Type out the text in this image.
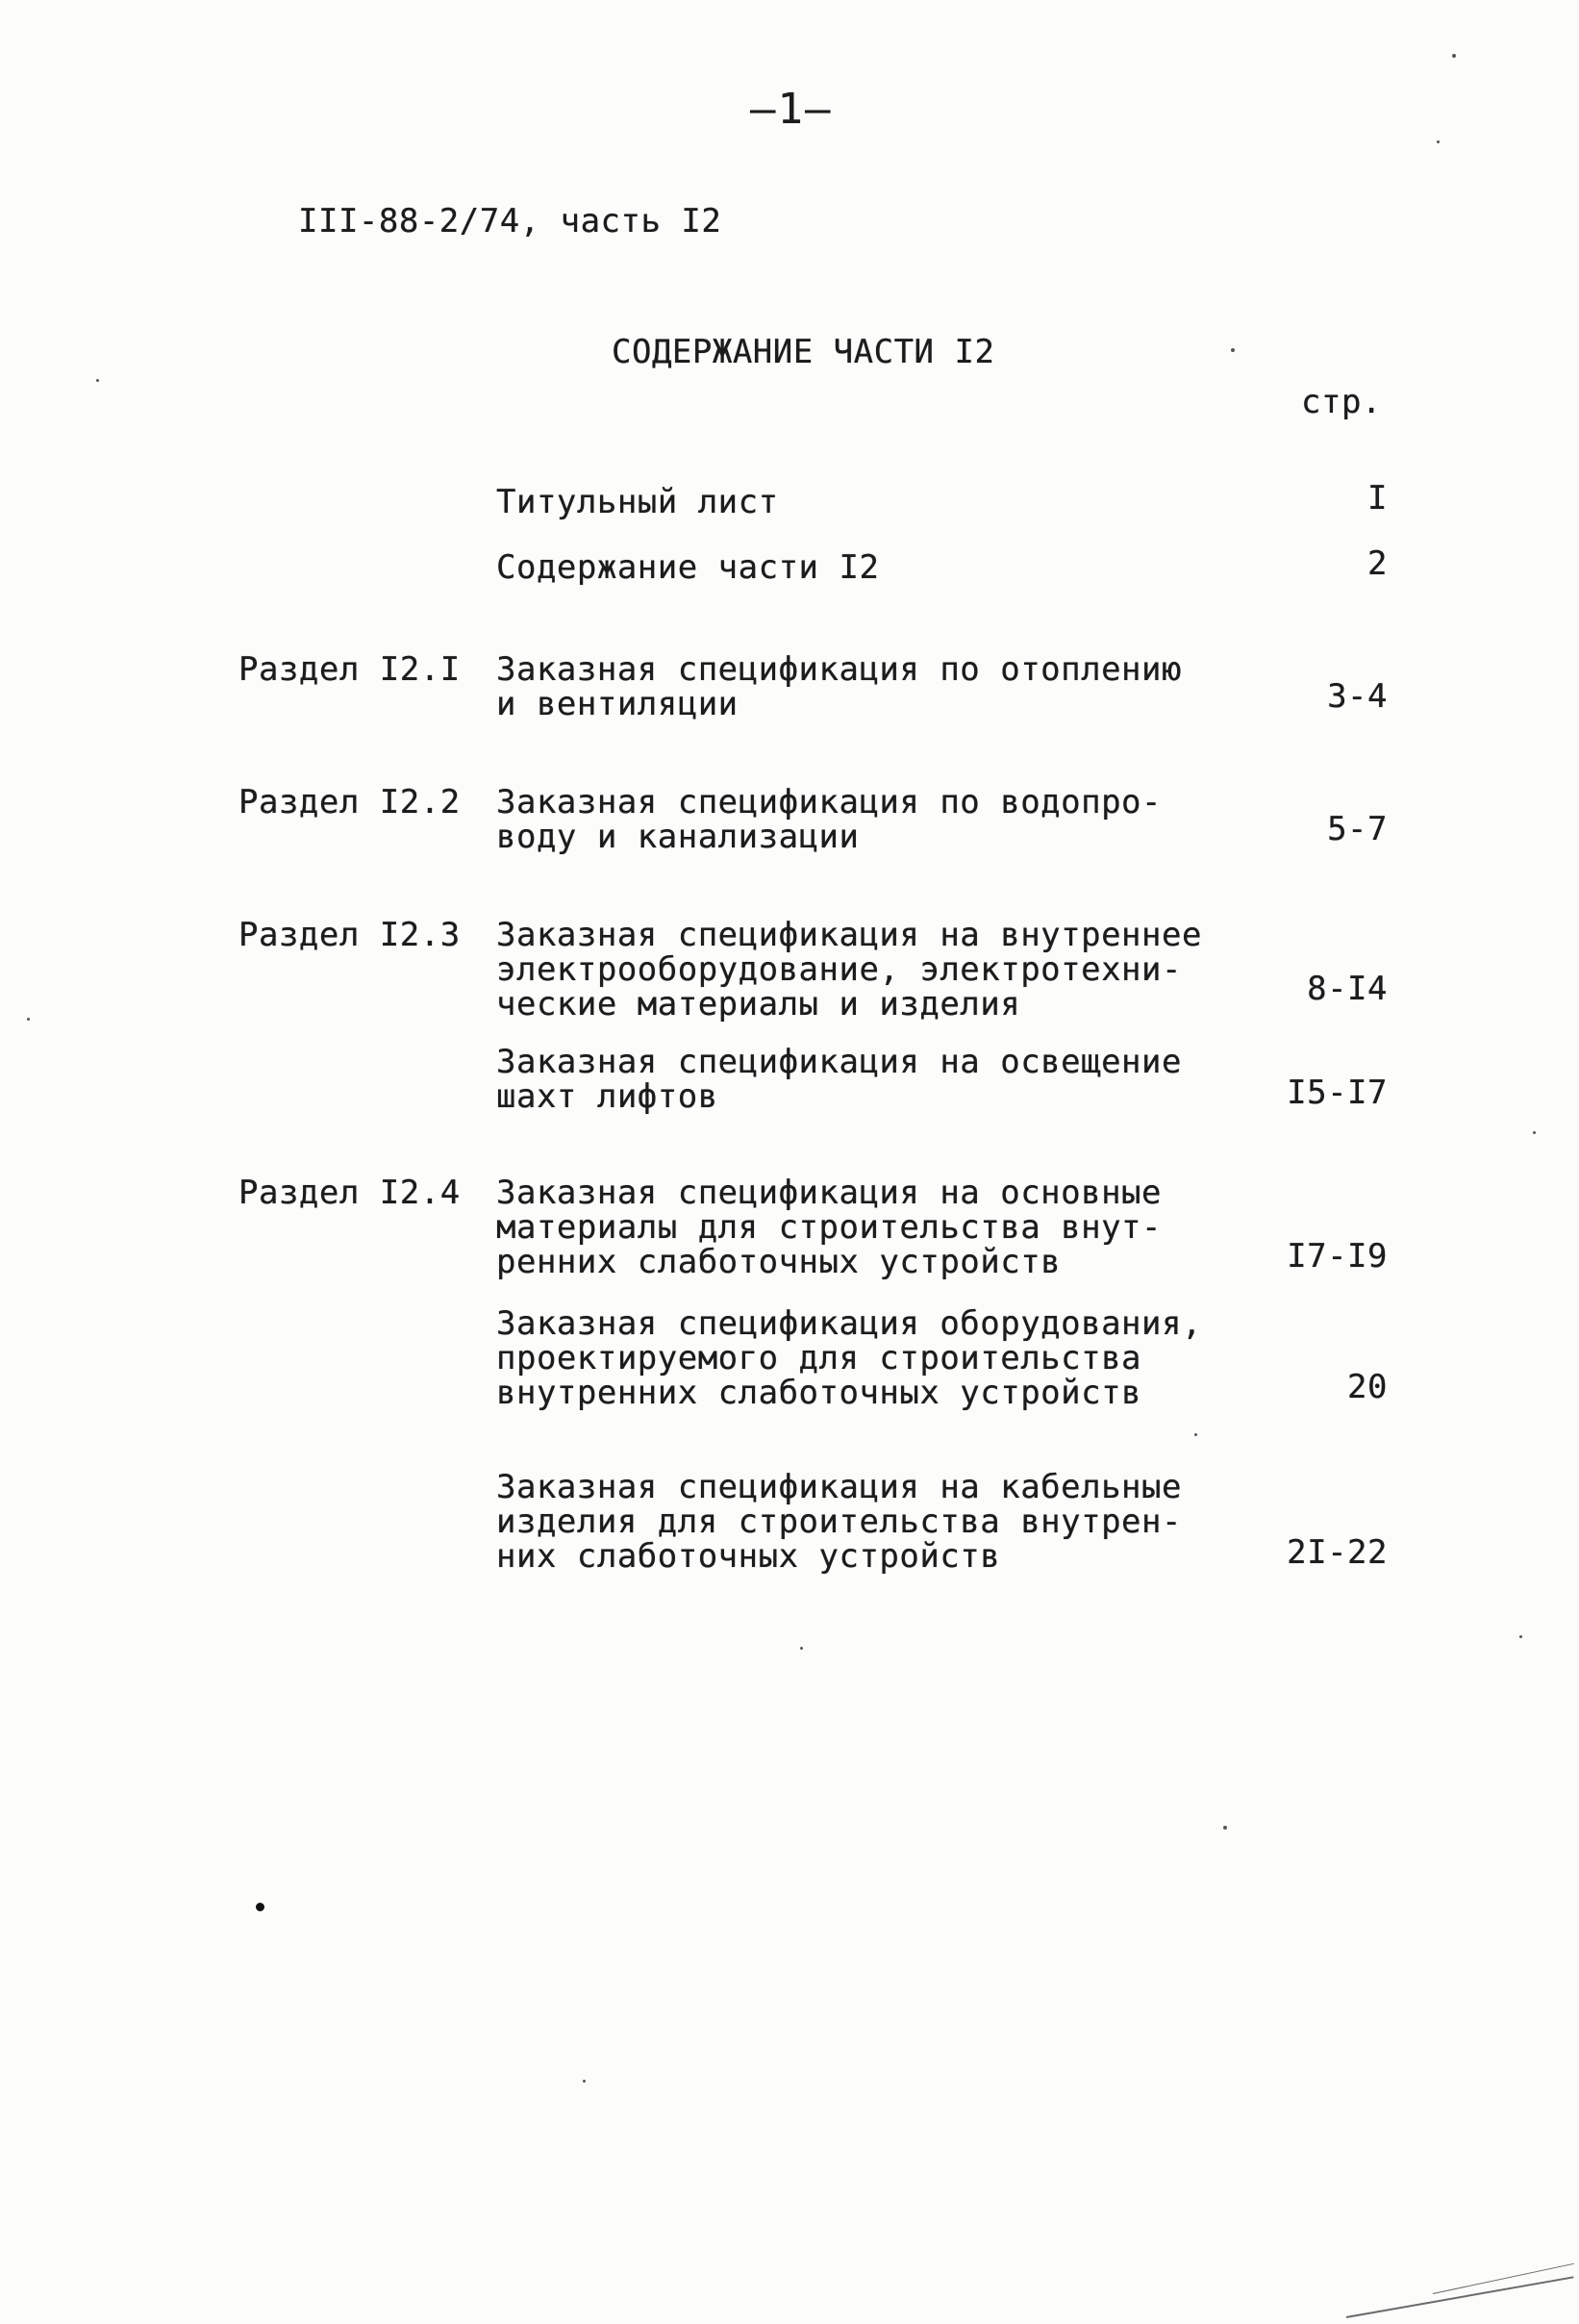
–1–
III-88-2/74, часть I2
СОДЕРЖАНИЕ ЧАСТИ I2
стр.
Титульный лист	I
Содержание части I2	2
Раздел I2.I Заказная спецификация по отоплению
и вентиляции	3-4
Раздел I2.2 Заказная спецификация по водопро-
воду и канализации	5-7
Раздел I2.3 Заказная спецификация на внутреннее
электрооборудование, электротехни-
ческие материалы и изделия	8-I4
Заказная спецификация на освещение
шахт лифтов	I5-I7
Раздел I2.4 Заказная спецификация на основные
материалы для строительства внут-
ренних слаботочных устройств	I7-I9
Заказная спецификация оборудования,
проектируемого для строительства
внутренних слаботочных устройств	20
Заказная спецификация на кабельные
изделия для строительства внутрен-
них слаботочных устройств	2I-22
